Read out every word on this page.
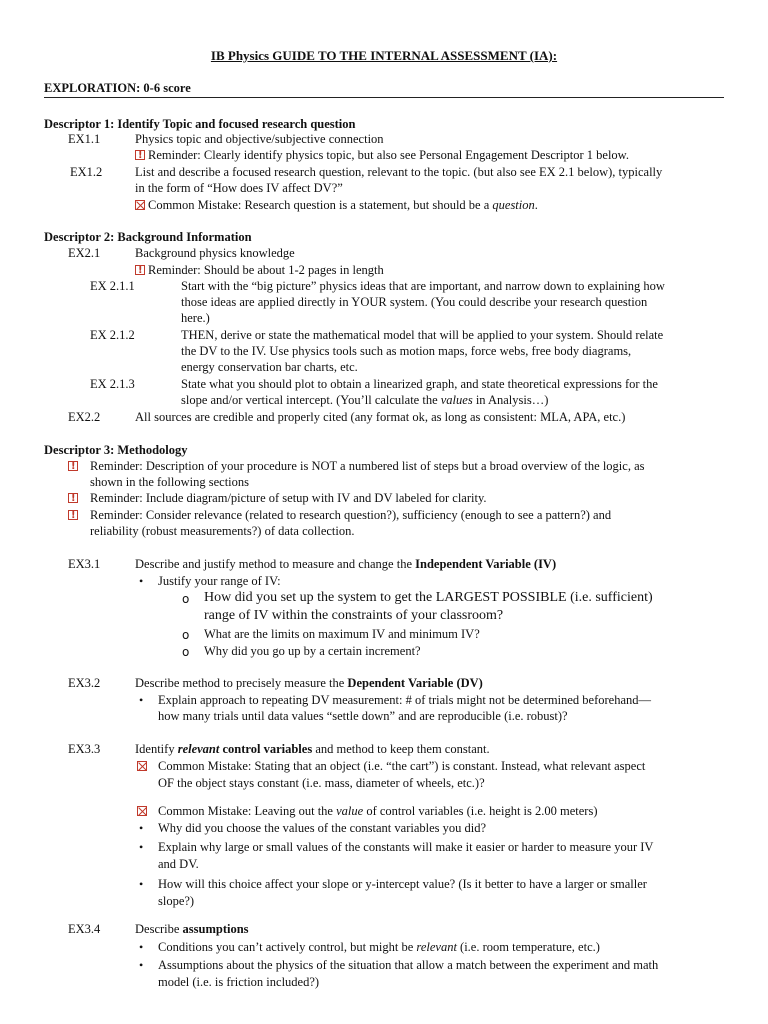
IB Physics GUIDE TO THE INTERNAL ASSESSMENT (IA):
EXPLORATION: 0-6 score
Descriptor 1: Identify Topic and focused research question
EX1.1	Physics topic and objective/subjective connection
!Reminder: Clearly identify physics topic, but also see Personal Engagement Descriptor 1 below.
EX1.2	List and describe a focused research question, relevant to the topic. (but also see EX 2.1 below), typically
in the form of “How does IV affect DV?”
Common Mistake: Research question is a statement, but should be a question.
Descriptor 2: Background Information
EX2.1	Background physics knowledge
!Reminder: Should be about 1-2 pages in length
EX 2.1.1	Start with the “big picture” physics ideas that are important, and narrow down to explaining how
those ideas are applied directly in YOUR system. (You could describe your research question
here.)
EX 2.1.2	THEN, derive or state the mathematical model that will be applied to your system. Should relate
the DV to the IV. Use physics tools such as motion maps, force webs, free body diagrams,
energy conservation bar charts, etc.
EX 2.1.3	State what you should plot to obtain a linearized graph, and state theoretical expressions for the
slope and/or vertical intercept. (You’ll calculate the values in Analysis…)
EX2.2	All sources are credible and properly cited (any format ok, as long as consistent: MLA, APA, etc.)
Descriptor 3: Methodology
!
Reminder: Description of your procedure is NOT a numbered list of steps but a broad overview of the logic, as
shown in the following sections
!
Reminder: Include diagram/picture of setup with IV and DV labeled for clarity.
!
Reminder: Consider relevance (related to research question?), sufficiency (enough to see a pattern?) and
reliability (robust measurements?) of data collection.
EX3.1	Describe and justify method to measure and change the Independent Variable (IV)
• Justify your range of IV:
o How did you set up the system to get the LARGEST POSSIBLE (i.e. sufficient)
range of IV within the constraints of your classroom?
o What are the limits on maximum IV and minimum IV?
o Why did you go up by a certain increment?
EX3.2	Describe method to precisely measure the Dependent Variable (DV)
• Explain approach to repeating DV measurement: # of trials might not be determined beforehand—
how many trials until data values “settle down” and are reproducible (i.e. robust)?
EX3.3	Identify relevant control variables and method to keep them constant.
Common Mistake: Stating that an object (i.e. “the cart”) is constant. Instead, what relevant aspect
OF the object stays constant (i.e. mass, diameter of wheels, etc.)?
Common Mistake: Leaving out the value of control variables (i.e. height is 2.00 meters)
• Why did you choose the values of the constant variables you did?
• Explain why large or small values of the constants will make it easier or harder to measure your IV
and DV.
• How will this choice affect your slope or y-intercept value? (Is it better to have a larger or smaller
slope?)
EX3.4	Describe assumptions
• Conditions you can’t actively control, but might be relevant (i.e. room temperature, etc.)
• Assumptions about the physics of the situation that allow a match between the experiment and math
model (i.e. is friction included?)
